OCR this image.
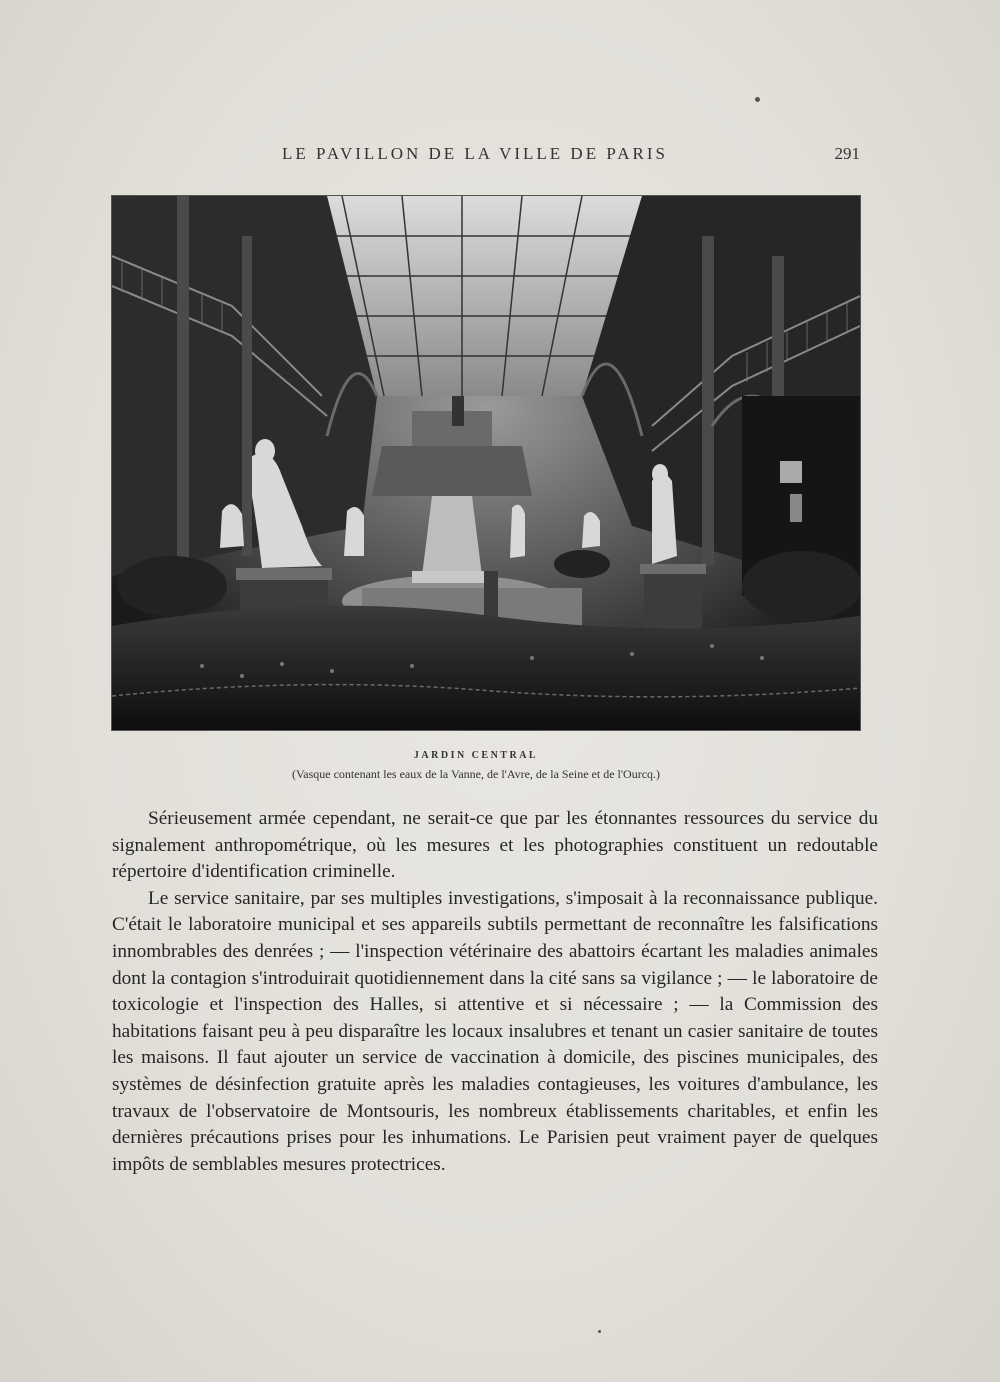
LE PAVILLON DE LA VILLE DE PARIS	291
JARDIN CENTRAL
(Vasque contenant les eaux de la Vanne, de l'Avre, de la Seine et de l'Ourcq.)

Sérieusement armée cependant, ne serait-ce que par les étonnantes ressources du service du signalement anthropométrique, où les mesures et les photographies constituent un redoutable répertoire d'identification criminelle.

Le service sanitaire, par ses multiples investigations, s'imposait à la reconnaissance publique. C'était le laboratoire municipal et ses appareils subtils permettant de reconnaître les falsifications innombrables des denrées ; — l'inspection vétérinaire des abattoirs écartant les maladies animales dont la contagion s'introduirait quotidiennement dans la cité sans sa vigilance ; — le laboratoire de toxicologie et l'inspection des Halles, si attentive et si nécessaire ; — la Commission des habitations faisant peu à peu disparaître les locaux insalubres et tenant un casier sanitaire de toutes les maisons. Il faut ajouter un service de vaccination à domicile, des piscines municipales, des systèmes de désinfection gratuite après les maladies contagieuses, les voitures d'ambulance, les travaux de l'observatoire de Montsouris, les nombreux établissements charitables, et enfin les dernières précautions prises pour les inhumations. Le Parisien peut vraiment payer de quelques impôts de semblables mesures protectrices.
